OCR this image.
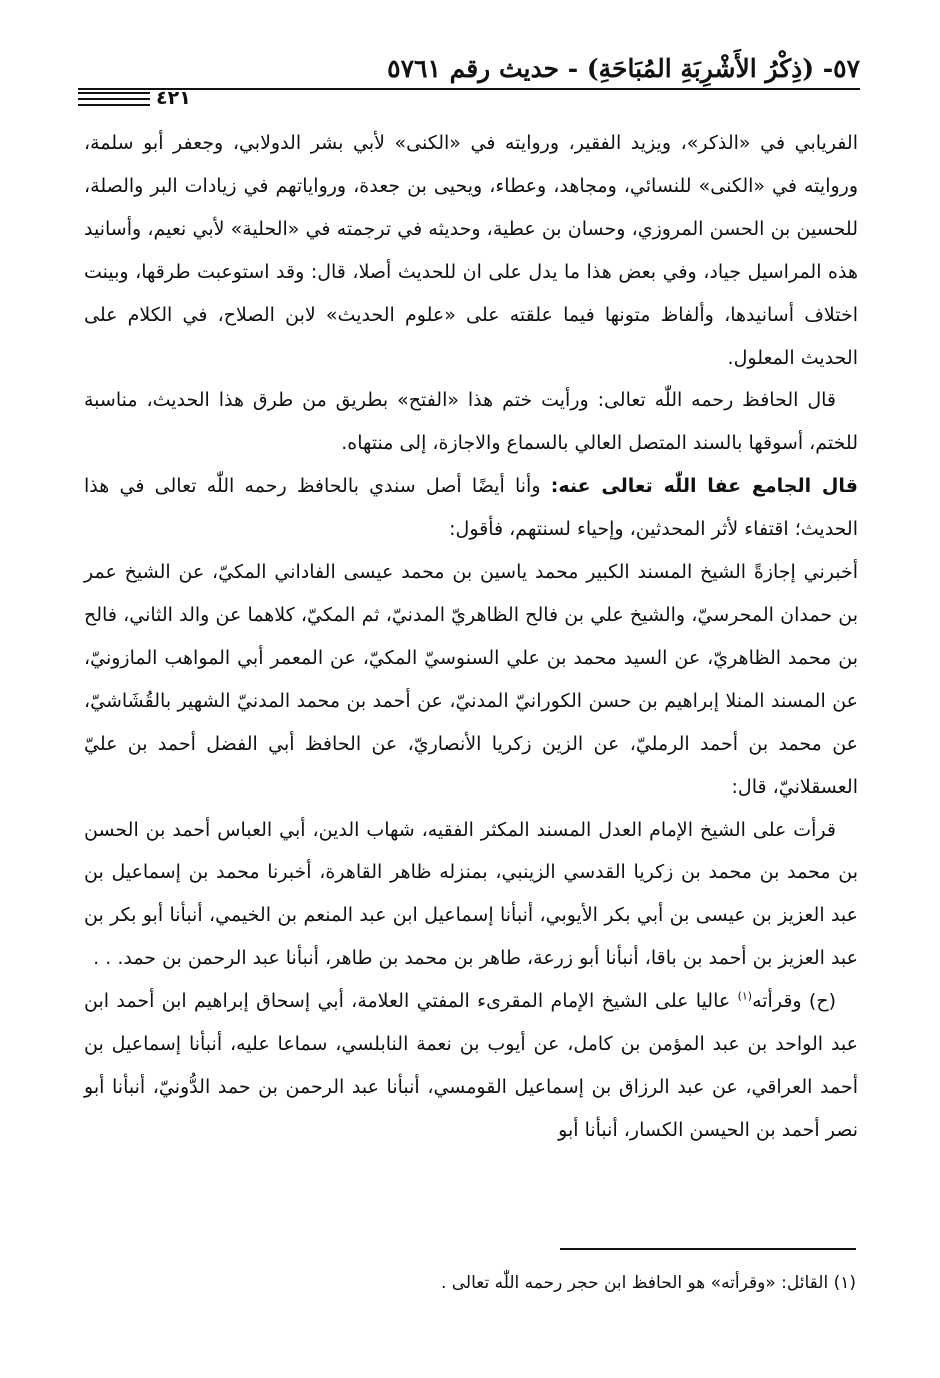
٥٧- (ذِكْرُ الأَشْرِبَةِ المُبَاحَةِ) - حديث رقم ٥٧٦١
٤٢١

الفريابي في «الذكر»، ويزيد الفقير، وروايته في «الكنى» لأبي بشر الدولابي، وجعفر أبو سلمة، وروايته في «الكنى» للنسائي، ومجاهد، وعطاء، ويحيى بن جعدة، ورواياتهم في زيادات البر والصلة، للحسين بن الحسن المروزي، وحسان بن عطية، وحديثه في ترجمته في «الحلية» لأبي نعيم، وأسانيد هذه المراسيل جياد، وفي بعض هذا ما يدل على ان للحديث أصلا، قال: وقد استوعبت طرقها، وبينت اختلاف أسانيدها، وألفاظ متونها فيما علقته على «علوم الحديث» لابن الصلاح، في الكلام على الحديث المعلول.

قال الحافظ رحمه اللّٰه تعالى: ورأيت ختم هذا «الفتح» بطريق من طرق هذا الحديث، مناسبة للختم، أسوقها بالسند المتصل العالي بالسماع والاجازة، إلى منتهاه.

قال الجامع عفا اللّٰه تعالى عنه: وأنا أيضًا أصل سندي بالحافظ رحمه اللّٰه تعالى في هذا الحديث؛ اقتفاء لأثر المحدثين، وإحياء لسنتهم، فأقول:

أخبرني إجازةً الشيخ المسند الكبير محمد ياسين بن محمد عيسى الفاداني المكيّ، عن الشيخ عمر بن حمدان المحرسيّ، والشيخ علي بن فالح الظاهريّ المدنيّ، ثم المكيّ، كلاهما عن والد الثاني، فالح بن محمد الظاهريّ، عن السيد محمد بن علي السنوسيّ المكيّ، عن المعمر أبي المواهب المازونيّ، عن المسند المنلا إبراهيم بن حسن الكورانيّ المدنيّ، عن أحمد بن محمد المدنيّ الشهير بالقُشَاشيّ، عن محمد بن أحمد الرمليّ، عن الزين زكريا الأنصاريّ، عن الحافظ أبي الفضل أحمد بن عليّ العسقلانيّ، قال:

قرأت على الشيخ الإمام العدل المسند المكثر الفقيه، شهاب الدين، أبي العباس أحمد بن الحسن بن محمد بن محمد بن زكريا القدسي الزينبي، بمنزله ظاهر القاهرة، أخبرنا محمد بن إسماعيل بن عبد العزيز بن عيسى بن أبي بكر الأيوبي، أنبأنا إسماعيل ابن عبد المنعم بن الخيمي، أنبأنا أبو بكر بن عبد العزيز بن أحمد بن باقا، أنبأنا أبو زرعة، طاهر بن محمد بن طاهر، أنبأنا عبد الرحمن بن حمد. . .

(ح) وقرأته$^{(١)}$ عاليا على الشيخ الإمام المقرىء المفتي العلامة، أبي إسحاق إبراهيم ابن أحمد ابن عبد الواحد بن عبد المؤمن بن كامل، عن أيوب بن نعمة النابلسي، سماعا عليه، أنبأنا إسماعيل بن أحمد العراقي، عن عبد الرزاق بن إسماعيل القومسي، أنبأنا عبد الرحمن بن حمد الدُّونيّ، أنبأنا أبو نصر أحمد بن الحيسن الكسار، أنبأنا أبو

(١) القائل: «وقرأته» هو الحافظ ابن حجر رحمه اللّٰه تعالى .
